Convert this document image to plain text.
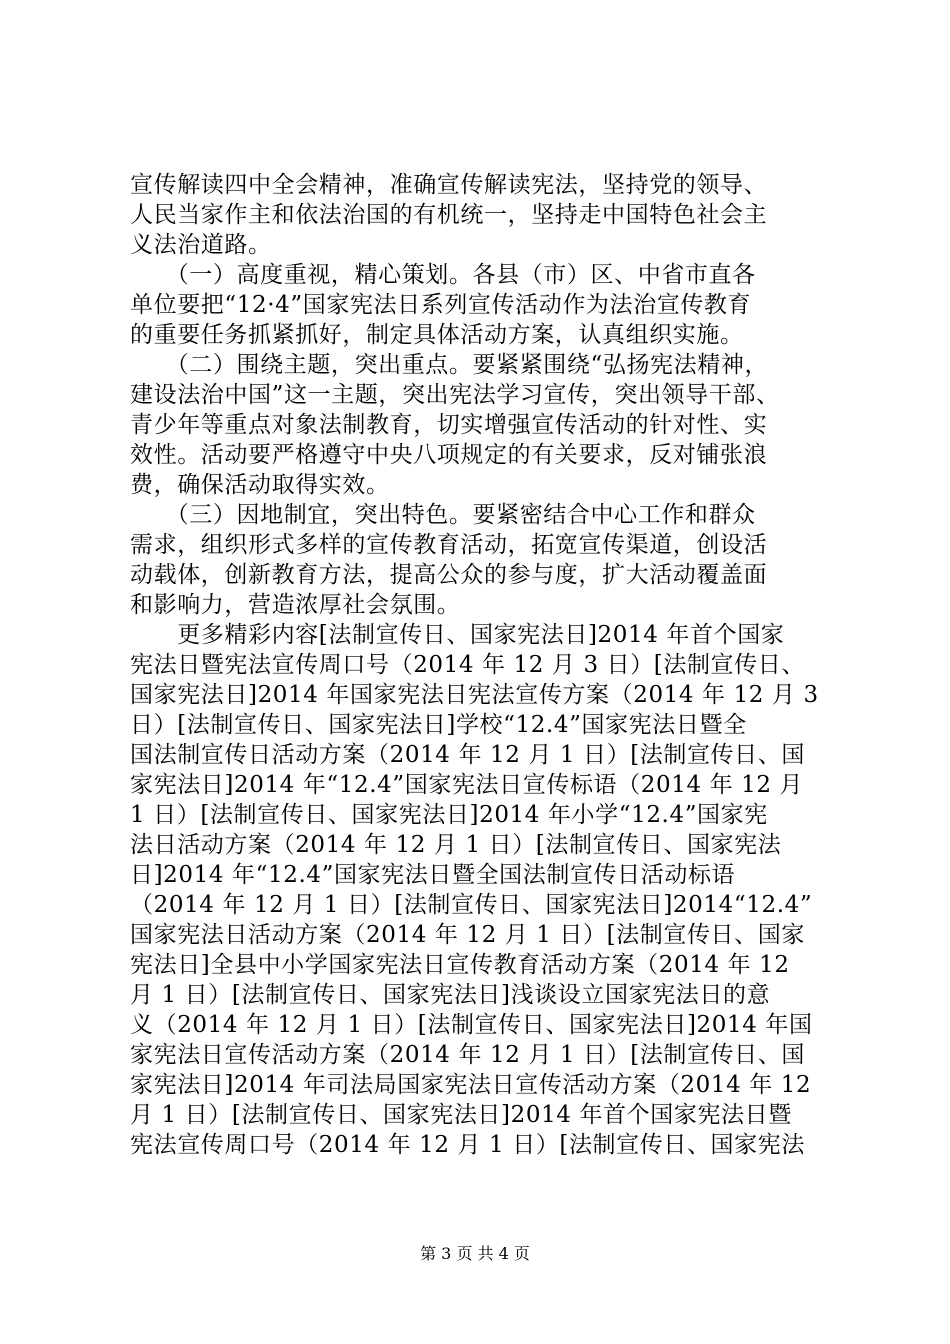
宣传解读四中全会精神，准确宣传解读宪法，坚持党的领导、
人民当家作主和依法治国的有机统一，坚持走中国特色社会主
义法治道路。
　　（一）高度重视，精心策划。各县（市）区、中省市直各
单位要把“12·4”国家宪法日系列宣传活动作为法治宣传教育
的重要任务抓紧抓好，制定具体活动方案，认真组织实施。
　　（二）围绕主题，突出重点。要紧紧围绕“弘扬宪法精神，
建设法治中国”这一主题，突出宪法学习宣传，突出领导干部、
青少年等重点对象法制教育，切实增强宣传活动的针对性、实
效性。活动要严格遵守中央八项规定的有关要求，反对铺张浪
费，确保活动取得实效。
　　（三）因地制宜，突出特色。要紧密结合中心工作和群众
需求，组织形式多样的宣传教育活动，拓宽宣传渠道，创设活
动载体，创新教育方法，提高公众的参与度，扩大活动覆盖面
和影响力，营造浓厚社会氛围。
　　更多精彩内容[法制宣传日、国家宪法日]2014 年首个国家
宪法日暨宪法宣传周口号（2014 年 12 月 3 日）[法制宣传日、
国家宪法日]2014 年国家宪法日宪法宣传方案（2014 年 12 月 3
日）[法制宣传日、国家宪法日]学校“12.4”国家宪法日暨全
国法制宣传日活动方案（2014 年 12 月 1 日）[法制宣传日、国
家宪法日]2014 年“12.4”国家宪法日宣传标语（2014 年 12 月
1 日）[法制宣传日、国家宪法日]2014 年小学“12.4”国家宪
法日活动方案（2014 年 12 月 1 日）[法制宣传日、国家宪法
日]2014 年“12.4”国家宪法日暨全国法制宣传日活动标语
（2014 年 12 月 1 日）[法制宣传日、国家宪法日]2014“12.4”
国家宪法日活动方案（2014 年 12 月 1 日）[法制宣传日、国家
宪法日]全县中小学国家宪法日宣传教育活动方案（2014 年 12
月 1 日）[法制宣传日、国家宪法日]浅谈设立国家宪法日的意
义（2014 年 12 月 1 日）[法制宣传日、国家宪法日]2014 年国
家宪法日宣传活动方案（2014 年 12 月 1 日）[法制宣传日、国
家宪法日]2014 年司法局国家宪法日宣传活动方案（2014 年 12
月 1 日）[法制宣传日、国家宪法日]2014 年首个国家宪法日暨
宪法宣传周口号（2014 年 12 月 1 日）[法制宣传日、国家宪法
第 3 页 共 4 页
